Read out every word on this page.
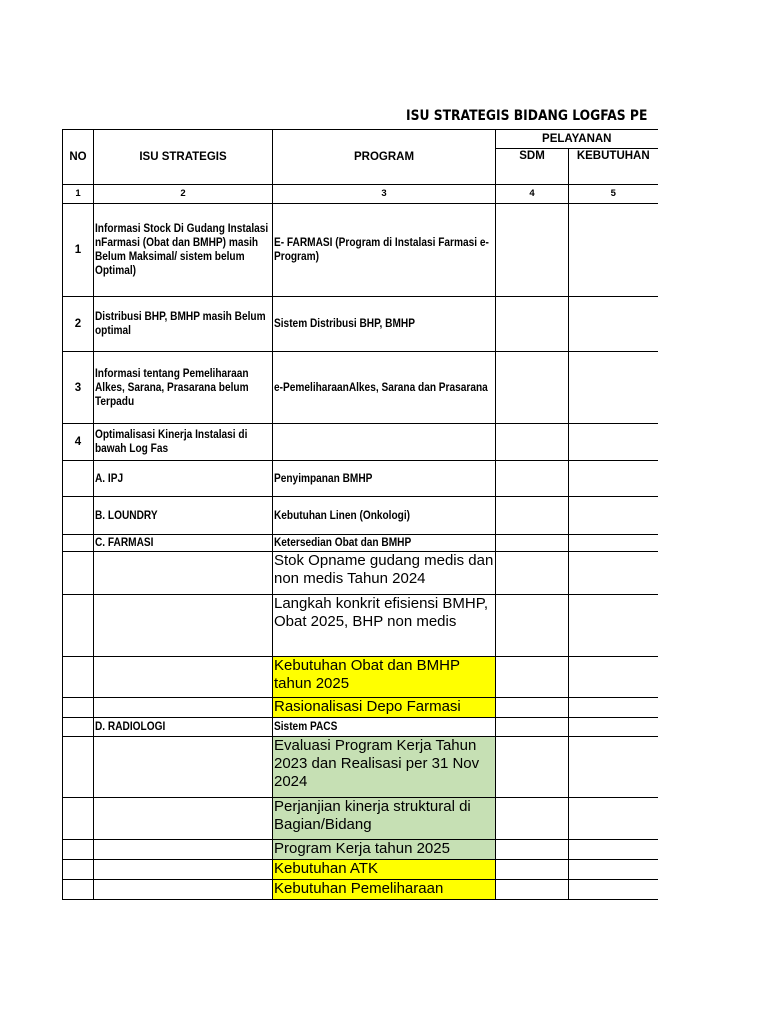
ISU STRATEGIS BIDANG LOGFAS PE
NO	ISU STRATEGIS	PROGRAM	PELAYANAN	
			SDM	KEBUTUHAN
1	2	3	4	5
1	Informasi Stock Di Gudang Instalasi nFarmasi (Obat dan BMHP) masih Belum Maksimal/ sistem belum Optimal)	E- FARMASI (Program di Instalasi Farmasi e- Program)		
2	Distribusi BHP, BMHP masih Belum optimal	Sistem Distribusi BHP, BMHP		
3	Informasi tentang Pemeliharaan Alkes, Sarana, Prasarana belum Terpadu	e-PemeliharaanAlkes, Sarana dan Prasarana		
4	Optimalisasi Kinerja Instalasi di bawah Log Fas			
	A. IPJ	Penyimpanan BMHP		
	B. LOUNDRY	Kebutuhan Linen (Onkologi)		
	C. FARMASI	Ketersedian Obat dan BMHP		
		Stok Opname gudang medis dan non medis Tahun 2024		
		Langkah konkrit efisiensi BMHP, Obat 2025, BHP non medis		
		Kebutuhan Obat dan BMHP tahun 2025		
		Rasionalisasi Depo Farmasi		
	D. RADIOLOGI	Sistem PACS		
		Evaluasi Program Kerja Tahun 2023 dan Realisasi per 31 Nov 2024		
		Perjanjian kinerja struktural di Bagian/Bidang		
		Program Kerja tahun 2025		
		Kebutuhan ATK		
		Kebutuhan Pemeliharaan		
